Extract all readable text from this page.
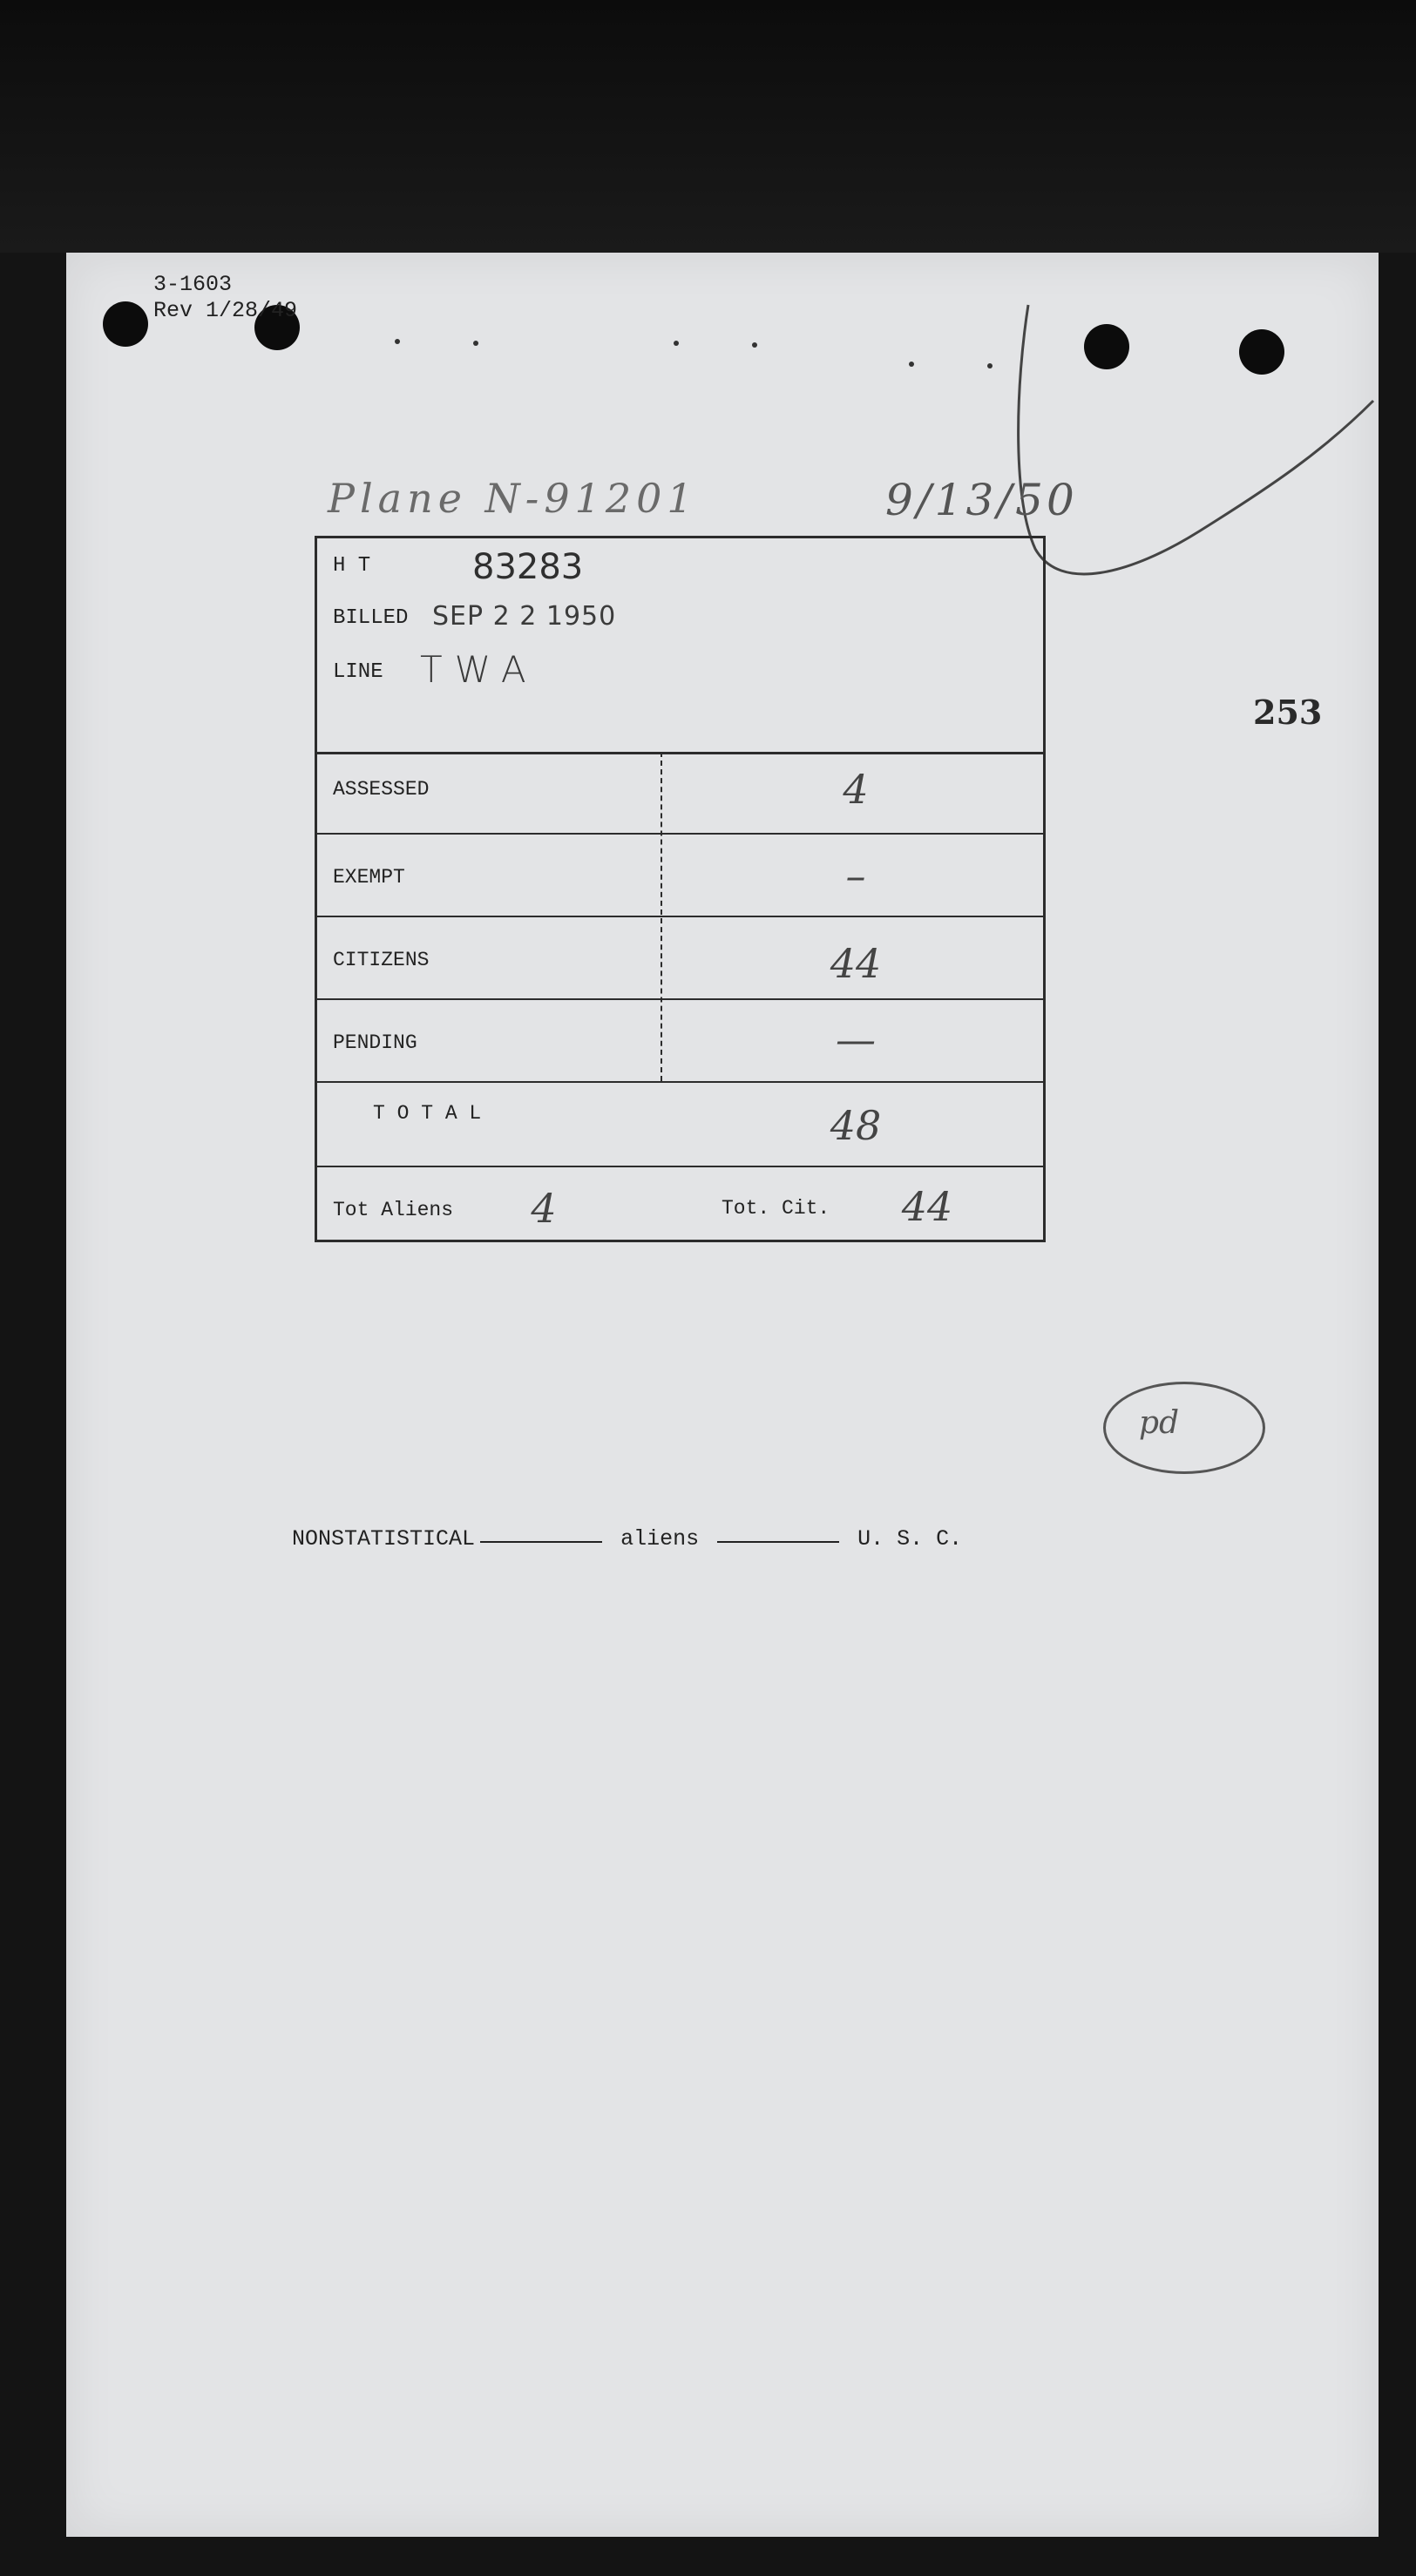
3-1603
Rev 1/28/49
Plane N-91201	9/13/50
253
H T	83283
BILLED SEP 2 2 1950
LINE TWA
ASSESSED	4
EXEMPT	–
CITIZENS	44
PENDING	—
T O T A L	48
Tot Aliens	4	Tot. Cit.	44
pd
NONSTATISTICAL	aliens	U. S. C.
